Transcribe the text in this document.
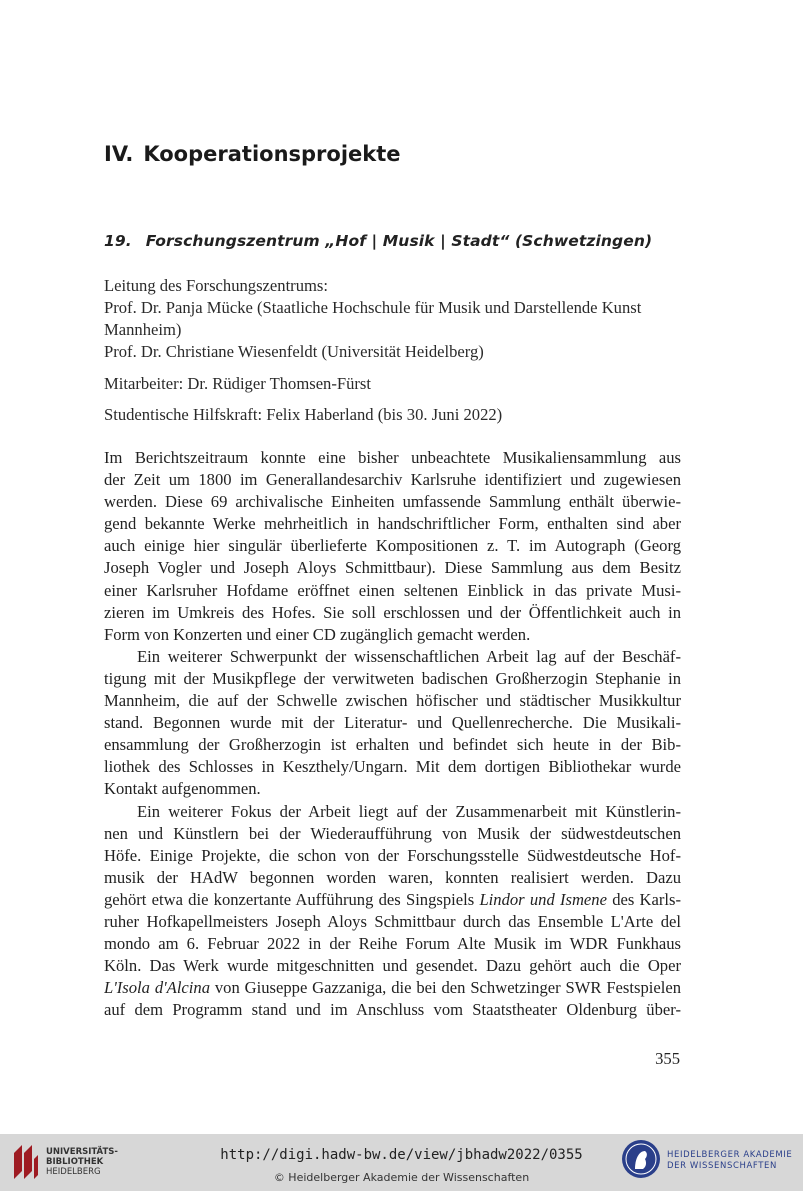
IV. Kooperationsprojekte
19. Forschungszentrum „Hof | Musik | Stadt“ (Schwetzingen)

Leitung des Forschungszentrums:

Prof. Dr. Panja Mücke (Staatliche Hochschule für Musik und Darstellende Kunst

Mannheim)

Prof. Dr. Christiane Wiesenfeldt (Universität Heidelberg)

Mitarbeiter: Dr. Rüdiger Thomsen-Fürst

Studentische Hilfskraft: Felix Haberland (bis 30. Juni 2022)

Im Berichtszeitraum konnte eine bisher unbeachtete Musikaliensammlung aus
der Zeit um 1800 im Generallandesarchiv Karlsruhe identifiziert und zugewiesen
werden. Diese 69 archivalische Einheiten umfassende Sammlung enthält überwie-
gend bekannte Werke mehrheitlich in handschriftlicher Form, enthalten sind aber
auch einige hier singulär überlieferte Kompositionen z. T. im Autograph (Georg
Joseph Vogler und Joseph Aloys Schmittbaur). Diese Sammlung aus dem Besitz
einer Karlsruher Hofdame eröffnet einen seltenen Einblick in das private Musi-
zieren im Umkreis des Hofes. Sie soll erschlossen und der Öffentlichkeit auch in
Form von Konzerten und einer CD zugänglich gemacht werden.
Ein weiterer Schwerpunkt der wissenschaftlichen Arbeit lag auf der Beschäf-
tigung mit der Musikpflege der verwitweten badischen Großherzogin Stephanie in
Mannheim, die auf der Schwelle zwischen höfischer und städtischer Musikkultur
stand. Begonnen wurde mit der Literatur- und Quellenrecherche. Die Musikali-
ensammlung der Großherzogin ist erhalten und befindet sich heute in der Bib-
liothek des Schlosses in Keszthely/Ungarn. Mit dem dortigen Bibliothekar wurde
Kontakt aufgenommen.
Ein weiterer Fokus der Arbeit liegt auf der Zusammenarbeit mit Künstlerin-
nen und Künstlern bei der Wiederaufführung von Musik der südwestdeutschen
Höfe. Einige Projekte, die schon von der Forschungsstelle Südwestdeutsche Hof-
musik der HAdW begonnen worden waren, konnten realisiert werden. Dazu
gehört etwa die konzertante Aufführung des Singspiels Lindor und Ismene des Karls-
ruher Hofkapellmeisters Joseph Aloys Schmittbaur durch das Ensemble L'Arte del
mondo am 6. Februar 2022 in der Reihe Forum Alte Musik im WDR Funkhaus
Köln. Das Werk wurde mitgeschnitten und gesendet. Dazu gehört auch die Oper
L'Isola d'Alcina von Giuseppe Gazzaniga, die bei den Schwetzinger SWR Festspielen
auf dem Programm stand und im Anschluss vom Staatstheater Oldenburg über-
355
UNIVERSITÄTS-
BIBLIOTHEK
HEIDELBERG
http://digi.hadw-bw.de/view/jbhadw2022/0355
© Heidelberger Akademie der Wissenschaften
HEIDELBERGER AKADEMIE
DER WISSENSCHAFTEN
